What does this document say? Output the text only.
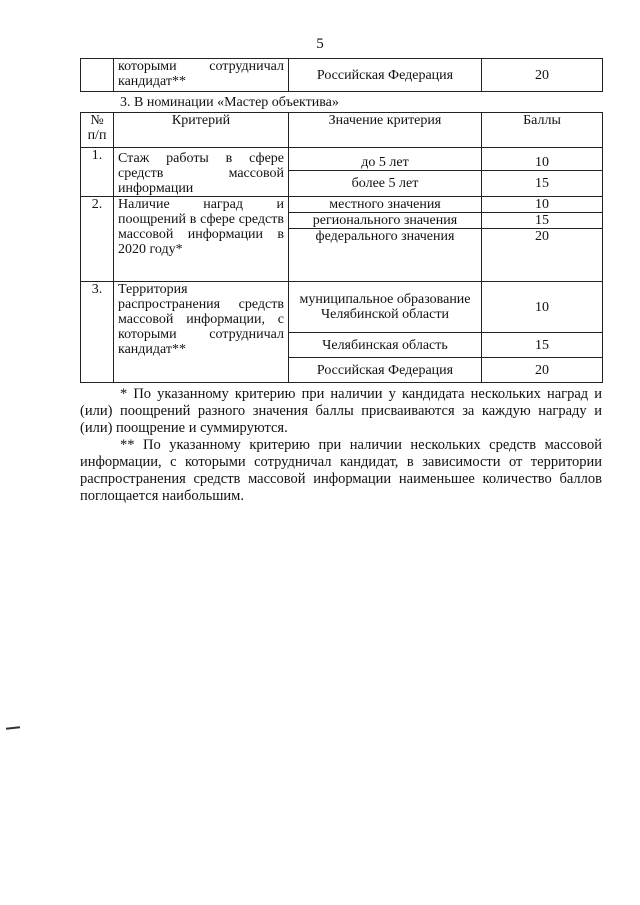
5

которыми сотрудничал
кандидат**	Российская Федерация	20
3. В номинации «Мастер объектива»
№ п/п	Критерий	Значение критерия	Баллы
1.	Стаж работы в сфере средств массовой информации	до 5 лет	10
		более 5 лет	15
2.	Наличие наград и поощрений в сфере средств массовой информации в 2020 году*	местного значения	10
		регионального значения	15
		федерального значения	20
3.	Территория распространения средств массовой информации, с которыми сотрудничал кандидат**	муниципальное образование Челябинской области	10
		Челябинская область	15
		Российская Федерация	20

* По указанному критерию при наличии у кандидата нескольких наград и (или) поощрений разного значения баллы присваиваются за каждую награду и (или) поощрение и суммируются.

** По указанному критерию при наличии нескольких средств массовой информации, с которыми сотрудничал кандидат, в зависимости от территории распространения средств массовой информации наименьшее количество баллов поглощается наибольшим.
